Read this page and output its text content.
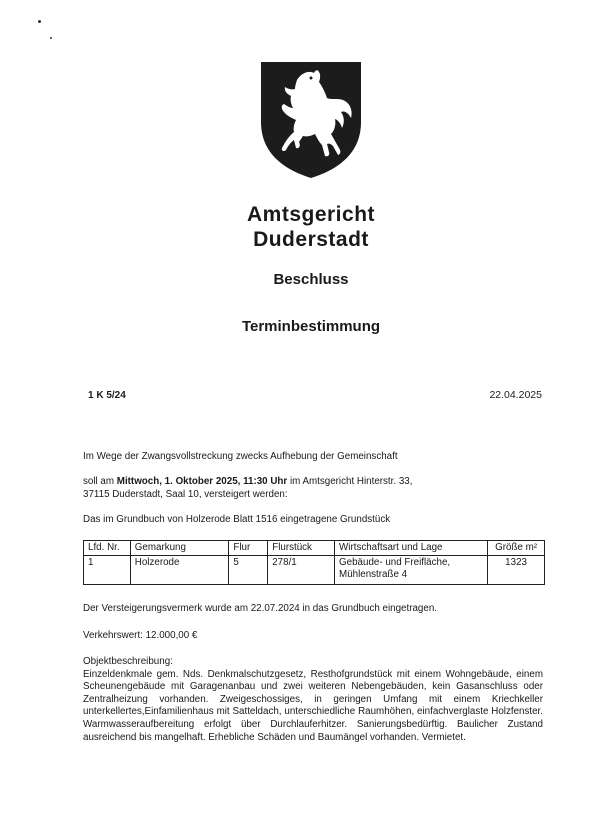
Amtsgericht
Duderstadt
Beschluss
Terminbestimmung
1 K 5/24	22.04.2025
Im Wege der Zwangsvollstreckung zwecks Aufhebung der Gemeinschaft
soll am Mittwoch, 1. Oktober 2025, 11:30 Uhr im Amtsgericht Hinterstr. 33,
37115 Duderstadt, Saal 10, versteigert werden:
Das im Grundbuch von Holzerode Blatt 1516 eingetragene Grundstück
Lfd. Nr.	Gemarkung	Flur	Flurstück	Wirtschaftsart und Lage	Größe m²
1	Holzerode	5	278/1	Gebäude- und Freifläche, Mühlenstraße 4	1323
Der Versteigerungsvermerk wurde am 22.07.2024 in das Grundbuch eingetragen.
Verkehrswert: 12.000,00 €
Objektbeschreibung:
Einzeldenkmale gem. Nds. Denkmalschutzgesetz, Resthofgrundstück mit einem Wohngebäude, einem Scheunengebäude mit Garagenanbau und zwei weiteren Nebengebäuden, kein Gasanschluss oder Zentralheizung vorhanden. Zweigeschossiges, in geringen Umfang mit einem Kriechkeller unterkellertes,Einfamilienhaus mit Satteldach, unterschiedliche Raumhöhen, einfachverglaste Holzfenster. Warmwasseraufbereitung erfolgt über Durchlauferhitzer. Sanierungsbedürftig. Baulicher Zustand ausreichend bis mangelhaft. Erhebliche Schäden und Baumängel vorhanden. Vermietet.
